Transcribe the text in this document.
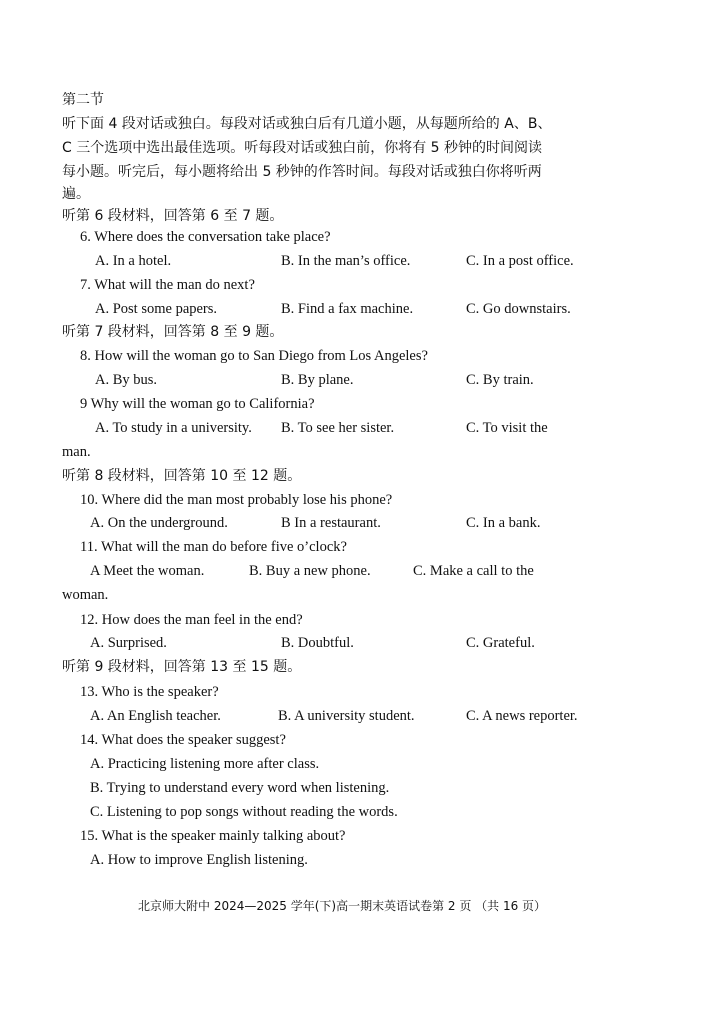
第二节
听下面 4 段对话或独白。每段对话或独白后有几道小题，从每题所给的 A、B、
C 三个选项中选出最佳选项。听每段对话或独白前，你将有 5 秒钟的时间阅读
每小题。听完后，每小题将给出 5 秒钟的作答时间。每段对话或独白你将听两
遍。
听第 6 段材料，回答第 6 至 7 题。
6. Where does the conversation take place?
A. In a hotel.	B. In the man’s office.	C. In a post office.
7. What will the man do next?
A. Post some papers.	B. Find a fax machine.	C. Go downstairs.
听第 7 段材料，回答第 8 至 9 题。
8. How will the woman go to San Diego from Los Angeles?
A. By bus.	B. By plane.	C. By train.
9 Why will the woman go to California?
A. To study in a university. B. To see her sister.	C. To visit the
man.
听第 8 段材料，回答第 10 至 12 题。
10. Where did the man most probably lose his phone?
A. On the underground.	B In a restaurant.	C. In a bank.
11. What will the man do before five o’clock?
A Meet the woman.	B. Buy a new phone.	C. Make a call to the
woman.
12. How does the man feel in the end?
A. Surprised.	B. Doubtful.	C. Grateful.
听第 9 段材料，回答第 13 至 15 题。
13. Who is the speaker?
A. An English teacher.	B. A university student.	C. A news reporter.
14. What does the speaker suggest?
A. Practicing listening more after class.
B. Trying to understand every word when listening.
C. Listening to pop songs without reading the words.
15. What is the speaker mainly talking about?
A. How to improve English listening.
北京师大附中 2024—2025 学年(下)高一期末英语试卷第 2 页 （共 16 页）
